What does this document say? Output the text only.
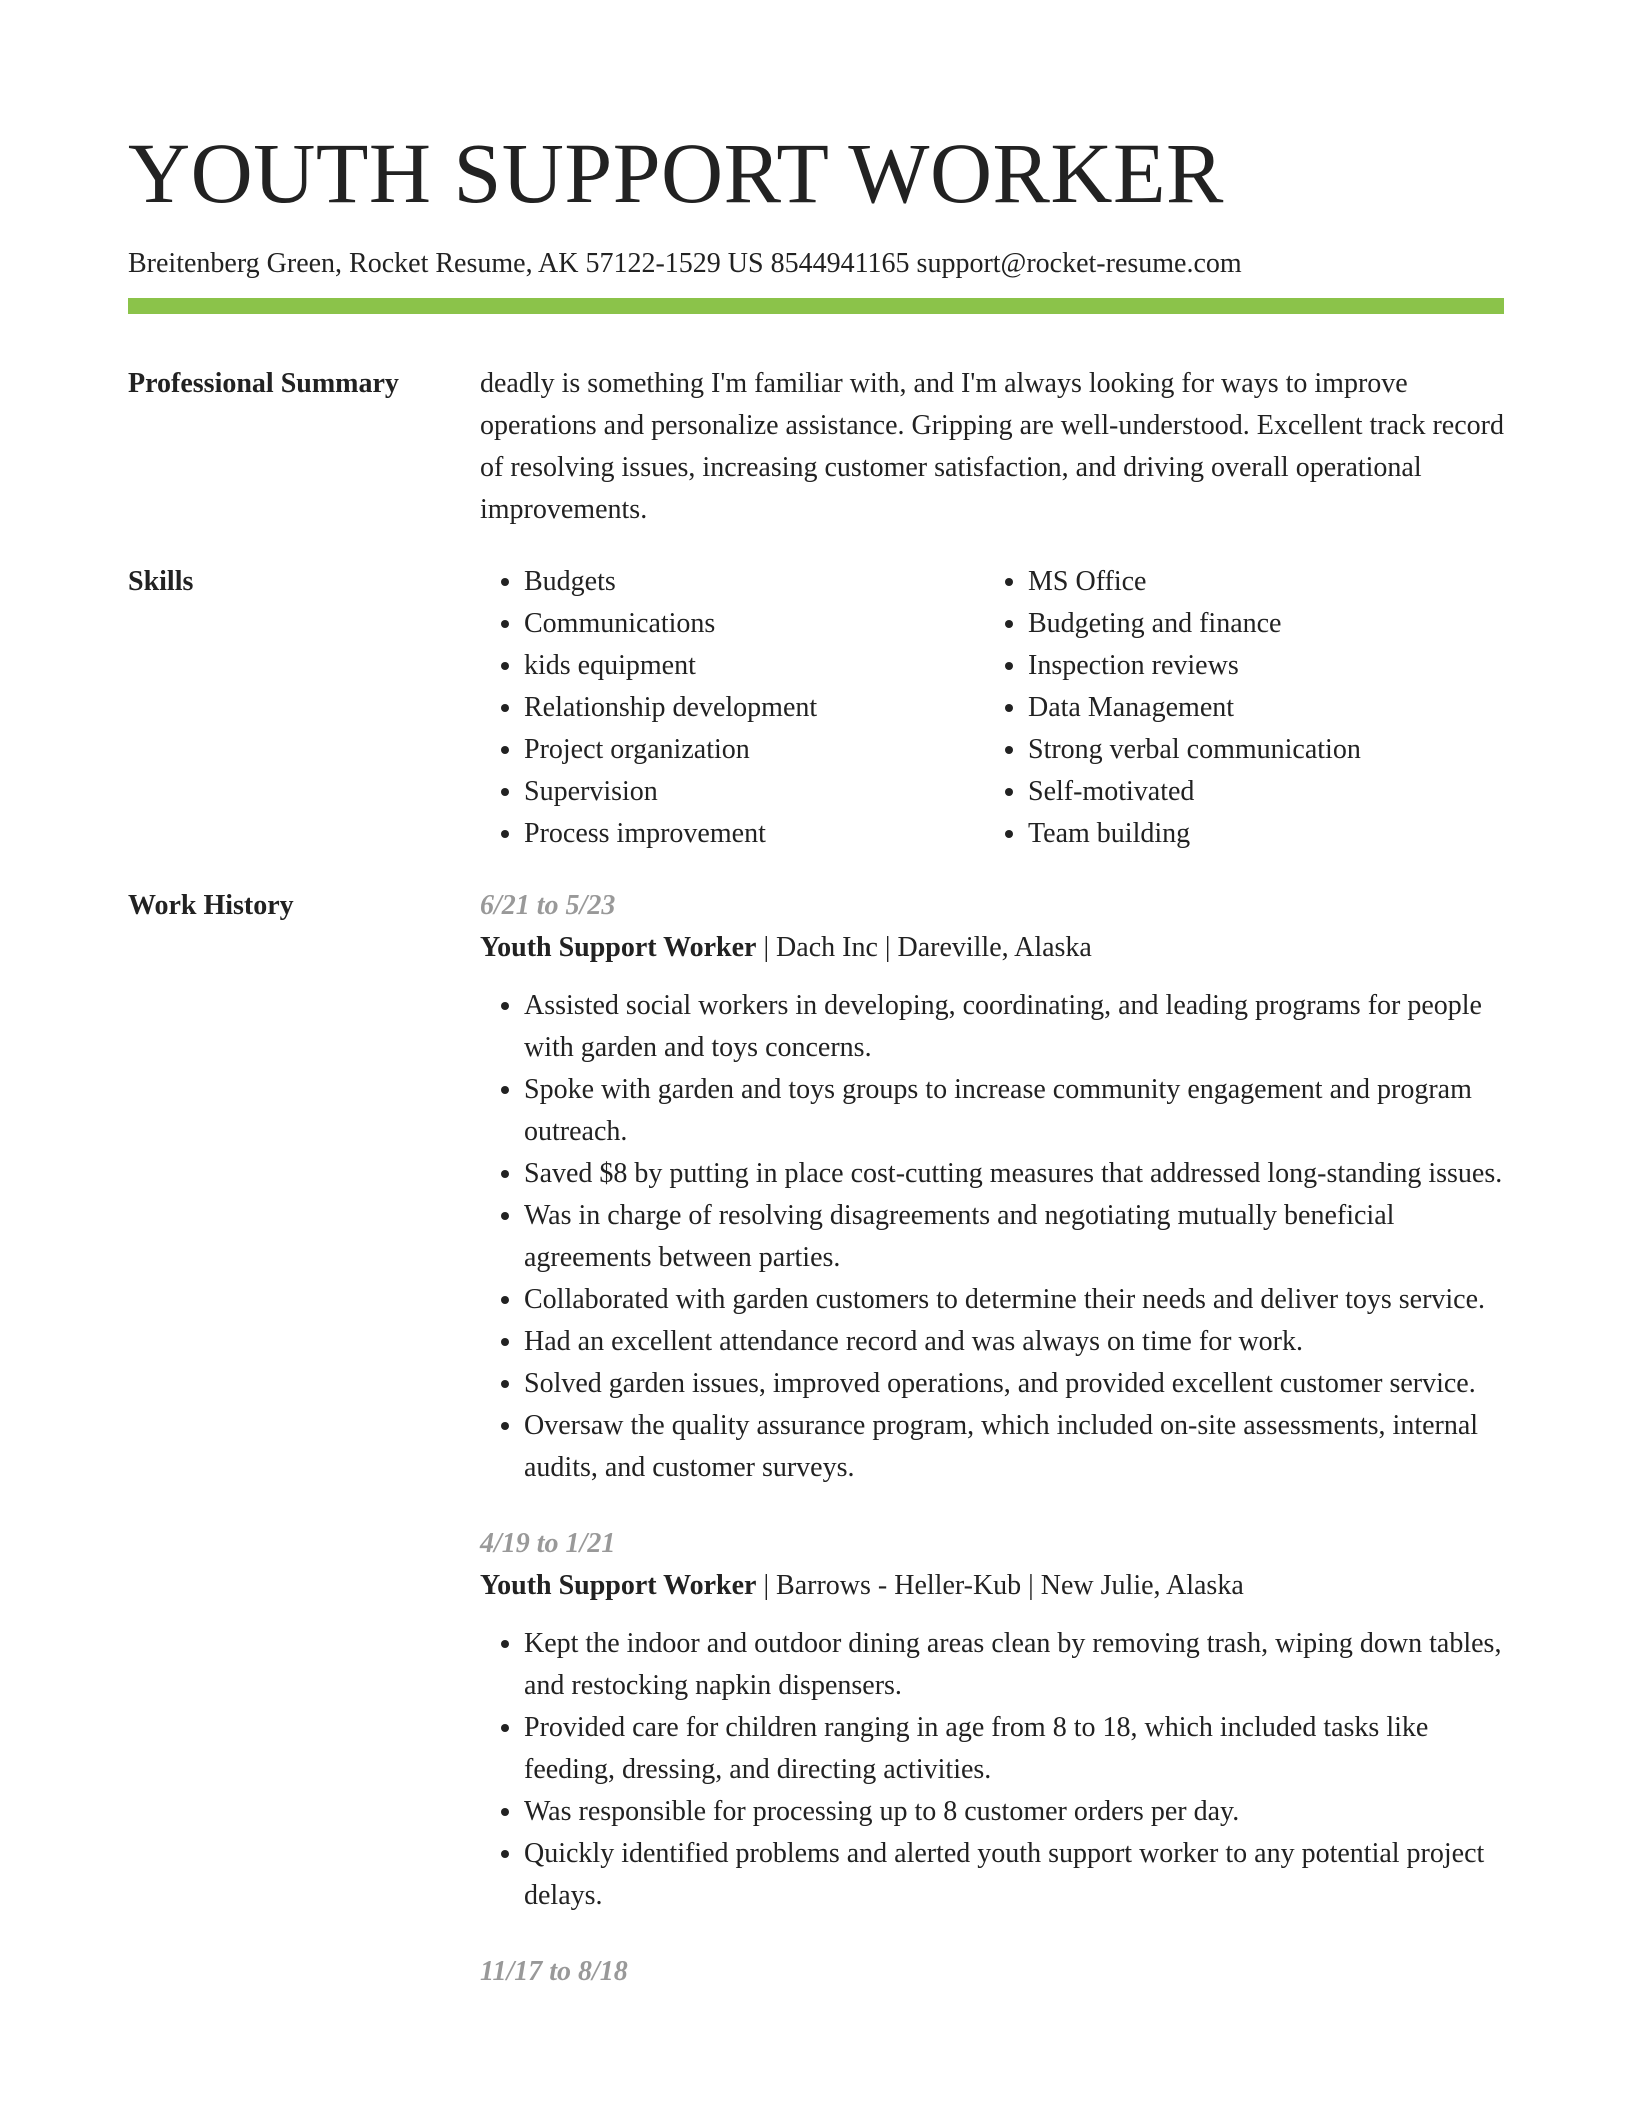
YOUTH SUPPORT WORKER
Breitenberg Green, Rocket Resume, AK 57122-1529 US 8544941165 support@rocket-resume.com
Professional Summary	deadly is something I'm familiar with, and I'm always looking for ways to improve operations and personalize assistance. Gripping are well-understood. Excellent track record of resolving issues, increasing customer satisfaction, and driving overall operational improvements.
Skills
•	Budgets
• Communications
• kids equipment
• Relationship development
• Project organization
• Supervision
• Process improvement
• MS Office
• Budgeting and finance
• Inspection reviews
• Data Management
• Strong verbal communication
• Self-motivated
• Team building
Work History	6/21 to 5/23
Youth Support Worker | Dach Inc | Dareville, Alaska
• Assisted social workers in developing, coordinating, and leading programs for people with garden and toys concerns.
• Spoke with garden and toys groups to increase community engagement and program outreach.
• Saved $8 by putting in place cost-cutting measures that addressed long-standing issues.
• Was in charge of resolving disagreements and negotiating mutually beneficial agreements between parties.
• Collaborated with garden customers to determine their needs and deliver toys service.
• Had an excellent attendance record and was always on time for work.
• Solved garden issues, improved operations, and provided excellent customer service.
• Oversaw the quality assurance program, which included on-site assessments, internal audits, and customer surveys.
4/19 to 1/21
Youth Support Worker | Barrows - Heller-Kub | New Julie, Alaska
• Kept the indoor and outdoor dining areas clean by removing trash, wiping down tables, and restocking napkin dispensers.
• Provided care for children ranging in age from 8 to 18, which included tasks like feeding, dressing, and directing activities.
• Was responsible for processing up to 8 customer orders per day.
• Quickly identified problems and alerted youth support worker to any potential project delays.
11/17 to 8/18
